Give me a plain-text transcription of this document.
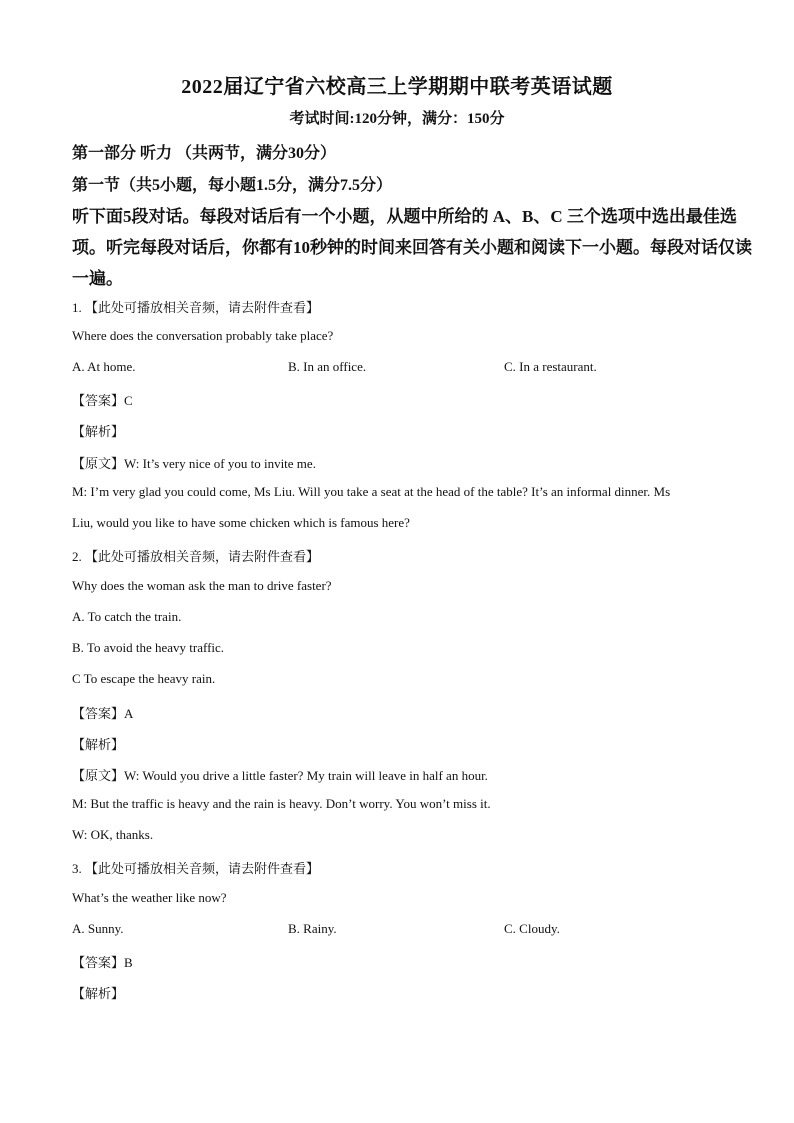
2022届辽宁省六校高三上学期期中联考英语试题
考试时间:120分钟，满分：150分
第一部分 听力 （共两节，满分30分）
第一节（共5小题，每小题1.5分，满分7.5分）
听下面5段对话。每段对话后有一个小题，从题中所给的 A、B、C 三个选项中选出最佳选
项。听完每段对话后，你都有10秒钟的时间来回答有关小题和阅读下一小题。每段对话仅读
一遍。
1. 【此处可播放相关音频，请去附件查看】
Where does the conversation probably take place?
A. At home.	B. In an office.	C. In a restaurant.
【答案】C
【解析】
【原文】W: It’s very nice of you to invite me.
M: I’m very glad you could come, Ms Liu. Will you take a seat at the head of the table? It’s an informal dinner. Ms
Liu, would you like to have some chicken which is famous here?
2. 【此处可播放相关音频，请去附件查看】
Why does the woman ask the man to drive faster?
A. To catch the train.
B. To avoid the heavy traffic.
C To escape the heavy rain.
【答案】A
【解析】
【原文】W: Would you drive a little faster? My train will leave in half an hour.
M: But the traffic is heavy and the rain is heavy. Don’t worry. You won’t miss it.
W: OK, thanks.
3. 【此处可播放相关音频，请去附件查看】
What’s the weather like now?
A. Sunny.	B. Rainy.	C. Cloudy.
【答案】B
【解析】
